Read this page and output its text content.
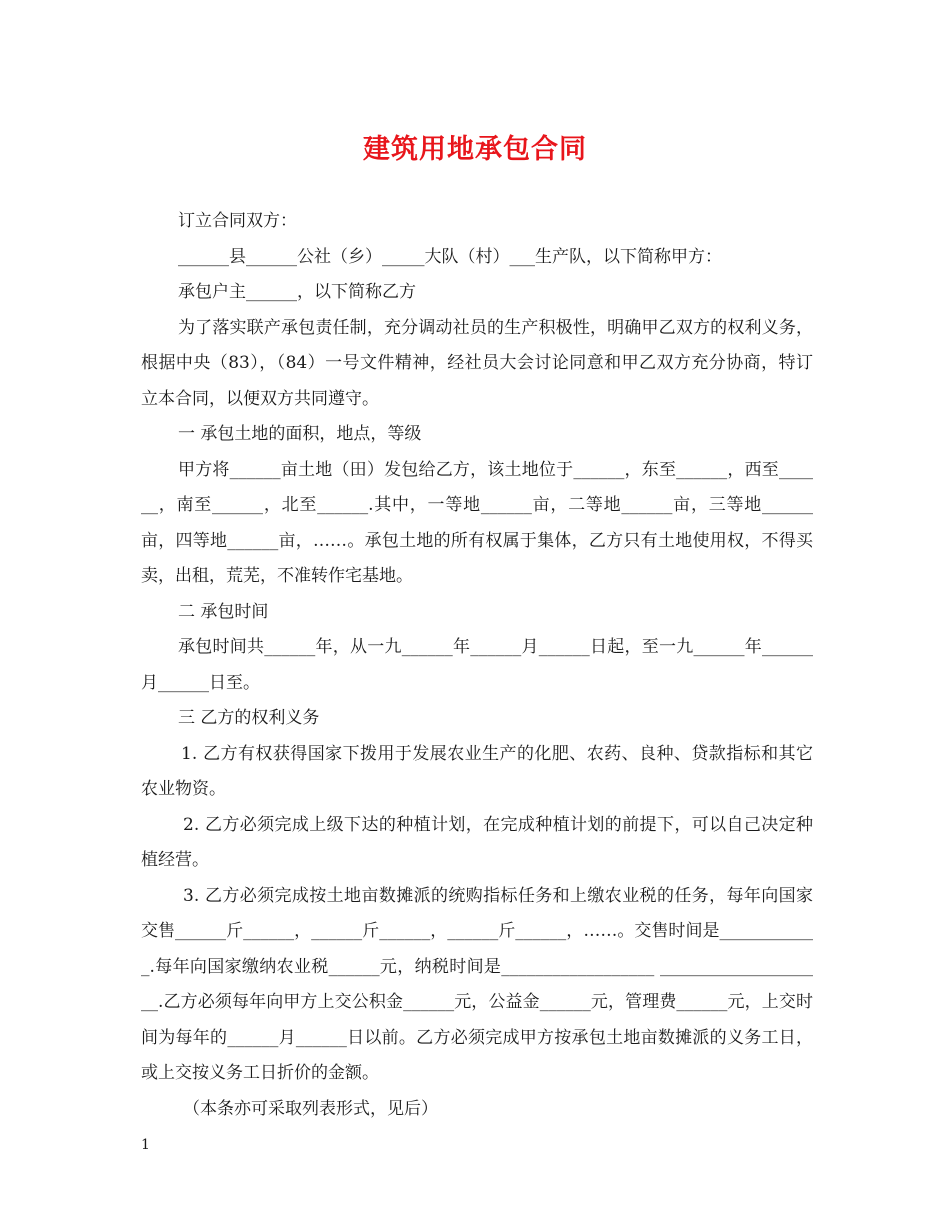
建筑用地承包合同

订立合同双方：

______县______公社（乡）_____大队（村）___生产队，以下简称甲方：

承包户主______，以下简称乙方

为了落实联产承包责任制，充分调动社员的生产积极性，明确甲乙双方的权利义务，根据中央（83），（84）一号文件精神，经社员大会讨论同意和甲乙双方充分协商，特订立本合同，以便双方共同遵守。

一 承包土地的面积，地点，等级

甲方将______亩土地（田）发包给乙方，该土地位于______，东至______，西至______，南至______，北至______.其中，一等地______亩，二等地______亩，三等地______亩，四等地______亩，……。承包土地的所有权属于集体，乙方只有土地使用权，不得买卖，出租，荒芜，不准转作宅基地。

二 承包时间

承包时间共______年，从一九______年______月______日起，至一九______年______月______日至。

三 乙方的权利义务

1. 乙方有权获得国家下拨用于发展农业生产的化肥、农药、良种、贷款指标和其它农业物资。

2. 乙方必须完成上级下达的种植计划，在完成种植计划的前提下，可以自己决定种植经营。

3. 乙方必须完成按土地亩数摊派的统购指标任务和上缴农业税的任务，每年向国家交售______斤______，______斤______，______斤______，……。交售时间是____________.每年向国家缴纳农业税______元，纳税时间是__________________ ____________________.乙方必须每年向甲方上交公积金______元，公益金______元，管理费______元，上交时间为每年的______月______日以前。乙方必须完成甲方按承包土地亩数摊派的义务工日，或上交按义务工日折价的金额。

（本条亦可采取列表形式，见后）

1
